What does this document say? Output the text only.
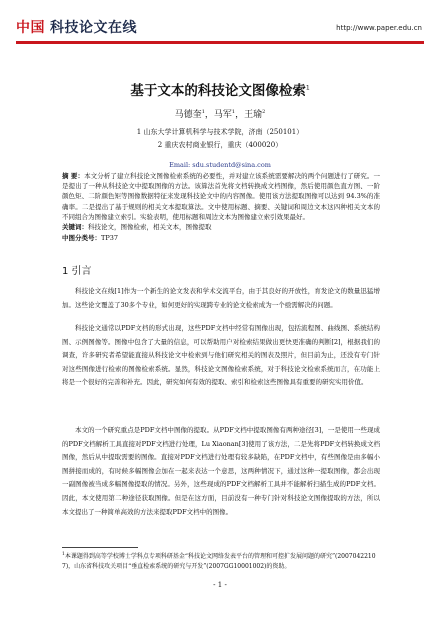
中国 科技论文在线	http://www.paper.edu.cn
基于文本的科技论文图像检索$^1$
马德奎$^1$，马军$^1$，王瑜$^2$
1 山东大学计算机科学与技术学院，济南（250101）
2 重庆农村商业银行，重庆（400020）
Email: sdu.studentd@sina.com
摘 要：本文分析了建立科技论文图像检索系统的必要性，并对建立该系统需要解决的两个问题进行了研究。一是提出了一种从科技论文中提取图像的方法。该算法首先将文档转换成文档图像，然后使用颜色直方图、一阶颜色矩、二阶颜色矩等图像数据特征来发现科技论文中的内容图像。使用该方法提取图像可以达到 94.3%的准确率。二是提出了基于规则的相关文本提取算法。文中使用标题、摘要、关键词和周边文本这四种相关文本的不同组合为图像建立索引。实验表明，使用标题和周边文本为图像建立索引效果最好。
关键词：科技论文，图像检索，相关文本，图像提取
中图分类号：TP37
1 引言

科技论文在线[1]作为一个新生的论文发表和学术交流平台，由于其良好的开放性，育发论文的数量迅猛增加。这些论文覆盖了30多个专业，如何更好的实现跨专业的论文检索成为一个亟需解决的问题。

科技论文通常以PDF文档的形式出现，这些PDF文档中经常有图像出现，包括流程图、曲线图、系统结构图、示例图像等。图像中包含了大量的信息，可以帮助用户对检索结果做出更快更准确的判断[2]，根据我们的调查，许多研究者希望能直接从科技论文中检索到与他们研究相关的图表及照片，但目前为止，还没有专门针对这些图像进行检索的图像检索系统。显然，科技论文图像检索系统，对于科技论文检索系统而言，在功能上将是一个很好的完善和补充。因此，研究如何有效的提取、索引和检索这些图像具有重要的研究实用价值。

本文的一个研究重点是PDF文档中图像的提取。从PDF文档中提取图像有两种途径[3]，一是使用一些现成的PDF文档解析工具直接对PDF文档进行处理，Lu Xiaonan[3]使用了该方法，二是先将PDF文档转换成文档图像，然后从中提取需要的图像。直接对PDF文档进行处理有较多缺陷，在PDF文档中，有些图像是由多幅小图拼接而成的，有时候多幅图像会加在一起来表达一个意思，这两种情况下，通过这种一提取图像，都会出现一副图像被当成多幅图像提取的情况。另外，这些现成的PDF文档解析工具并不能解析扫描生成的PDF文档。因此，本文使用第二种途径获取图像。但是在这方面，目前没有一种专门针对科技论文图像提取的方法，所以本文提出了一种简单高效的方法来提取PDF文档中的图像。

$^1$本课题得到高等学校博士学科点专项科研基金“科技论文网络发表平台的管理和可控扩发展问题的研究”(20070422107)，山东省科技攻关项目“垂直检索系统的研究与开发”(2007GG10001002)的资助。
- 1 -
